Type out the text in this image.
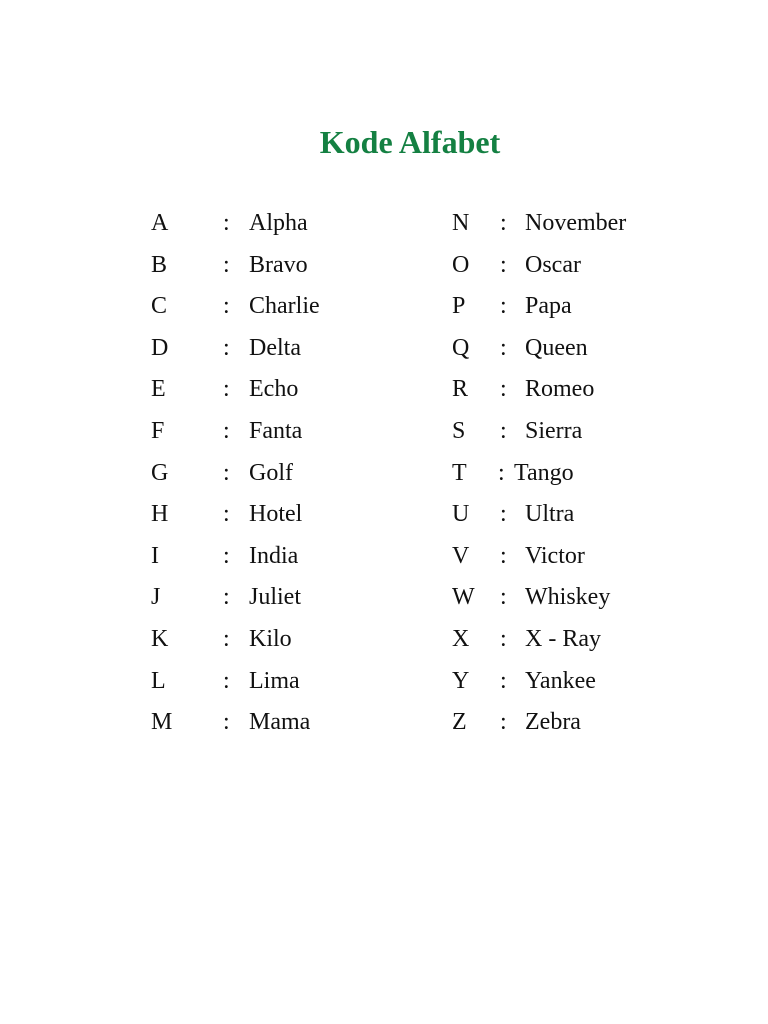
Kode Alfabet
A : Alpha
B : Bravo
C : Charlie
D : Delta
E : Echo
F : Fanta
G : Golf
H : Hotel
I	: India
J	: Juliet
K : Kilo
L : Lima
M : Mama
N : November
O : Oscar
P : Papa
Q : Queen
R : Romeo
S : Sierra
T : Tango
U : Ultra
V : Victor
W : Whiskey
X : X - Ray
Y : Yankee
Z : Zebra
